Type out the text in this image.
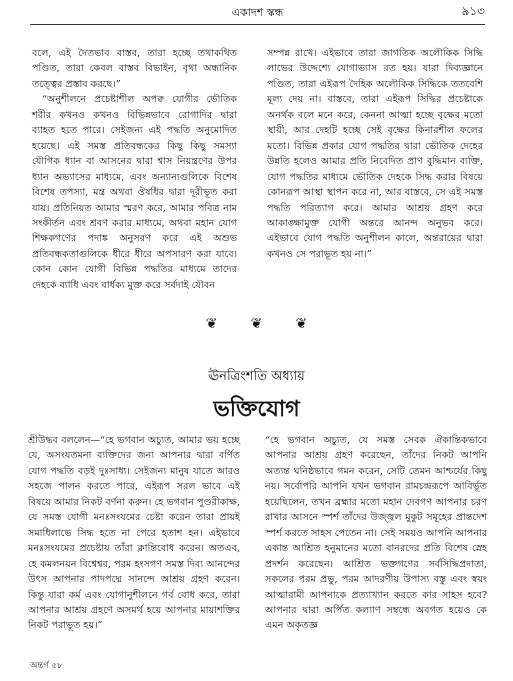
একাদশ স্কন্ধ	৯১৩

বলে, এই দৈতভাব বাস্তব, তারা হচ্ছে তথাকথিত পণ্ডিত, তারা কেবল বাস্তব বিভাইন, বৃথা অন্ধানিক তত্ত্বের প্রস্তাব করছে।”

“অনুশীলনে প্রচেষ্টাশীল অপক্ব যোগীর ভৌতিক শরীর কখনও কখনও বিভিন্নভাবে রোগাদির দ্বারা ব্যাহত হতে পারে। সেইজন্য এই পদ্ধতি অনুমোদিত হয়েছে। এই সমস্ত প্রতিবন্ধকের কিছু কিছু সমস্যা যৌগিক ধ্যান বা আসনের দ্বারা শ্বাস নিয়ন্ত্রণের উপর ধ্যান অভ্যাসের মাধ্যমে, এবং অন্যান্যগুলিকে বিশেষ বিশেষ তপস্যা, মন্ত্র অথবা ঔষধির দ্বারা দূরীভূত করা যায়। প্রতিনিয়ত আমার স্মরণ করে, আমার পবিত্র নাম সংকীর্তন এবং শ্রবণ করার মাধ্যমে, অথবা মহান যোগ শিক্ষকগণের পদাঙ্ক অনুসরণ করে এই অশুভ প্রতিবন্ধকতাগুলিকে ধীরে ধীরে অপসারণ করা যাবে। কোন কোন যোগী বিভিন্ন পদ্ধতির মাধ্যমে তাদের দেহকে ব্যাধি এবং বার্ধক্য মুক্ত করে সর্বদাই যৌবন

সম্পন্ন রাখে। এইভাবে তারা জাগতিক অলৌকিক সিদ্ধি লাভের উদ্দেশ্যে যোগাভ্যাস রত হয়। যারা দিব্যজ্ঞানে পণ্ডিত, তারা এইরূপ দৈহিক অলৌকিক সিদ্ধিকে ততবেশি মূল্য দেয় না। বাস্তবে, তারা এইরূপ সিদ্ধির প্রচেষ্টাকে অনর্থক বলে মনে করে, কেননা আত্মা হচ্ছে বৃক্ষের মতো স্থায়ী, আর দেহটি হচ্ছে সেই বৃক্ষের কিনারশীল ফলের মতো। বিভিন্ন প্রকার যোগ পদ্ধতির দ্বারা ভৌতিক দেহের উন্নতি হলেও আমার প্রতি নিবেদিত প্রাণ বুদ্ধিমান ব্যক্তি, যোগ পদ্ধতির মাধ্যমে ভৌতিক দেহকে সিদ্ধ করার বিষয়ে কোনরূপ আস্থা স্থাপন করে না, আর বাস্তবে, সে এই সমস্ত পদ্ধতি পরিত্যাগ করে। আমার আশ্রয় গ্রহণ করে আকাঙ্ক্ষামুক্ত যোগী অন্তরে আনন্দ অনুভব করে। এইভাবে যোগ পদ্ধতি অনুশীলন কালে, অন্তরায়ের দ্বারা কখনও সে পরাভূত হয় না।”

❦ ❦ ❦
ঊনত্রিংশতি অধ্যায়
ভক্তিযোগ

শ্রীউদ্ধব বললেন—“হে ভগবান অচ্যুত, আমার ভয় হচ্ছে যে, অসংযতমনা ব্যক্তিদের জন্য আপনার দ্বারা বর্ণিত যোগ পদ্ধতি বড়ই দুঃসাধ্য। সেইজন্য মানুষ যাতে আরও সহজে পালন করতে পারে, এইরূপ সরল ভাবে এই বিষয়ে আমার নিকট বর্ণনা করুন। হে ভগবান পুণ্ডরীকাক্ষ, যে সমস্ত যোগী মনঃসংযমের চেষ্টা করেন তারা প্রায়ই সমাধিলাভে সিদ্ধ হতে না পেরে হতাশ হন। এইভাবে মনঃসংযমের প্রচেষ্টায় তাঁরা ক্লান্তিবোধ করেন। অতএব, হে কমলনয়ন বিশ্বেশ্বর, পরম হংসগণ সমস্ত দিব্য আনন্দের উৎস আপনার পাদপদ্মে সানন্দে আশ্রয় গ্রহণ করেন। কিন্তু যারা কর্ম এবং যোগানুশীলনে গর্ব বোধ করে, তারা আপনার আশ্রয় গ্রহণে অসমর্থ হয়ে আপনার মায়াশক্তির নিকট পরাভূত হয়।”

“হে ভগবান অচ্যুত, যে সমস্ত সেবক ঐকান্তিকভাবে আপনার আশ্রয় গ্রহণ করেছেন, তাঁদের নিকট আপনি অত্যন্ত ঘনিষ্ঠভাবে গমন করেন, সেটি তেমন আশ্চর্যের কিছু নয়। সর্বোপরি আপনি যখন ভগবান রামচন্দ্ররূপে আবির্ভূত হয়েছিলেন, তখন ব্রহ্মার মতো মহান দেবগণ আপনার চরণ রাখার আসনে স্পর্শ তাঁদের উজ্জ্বল মুকুট সমূহের প্রান্তদেশ স্পর্শ করতে সাহস পেতেন না। সেই সময়ও আপনি আপনার একান্ত আশ্রিত হনুমানের মতো বানরদের প্রতি বিশেষ স্নেহ প্রদর্শন করেছেন। আশ্রিত ভক্তগণের সর্বসিদ্ধিপ্রদাতা, সকলের পরম প্রভু, পরম আদরণীয় উপাস্য বস্তু এবং স্বয়ং আত্মারামী আপনাকে প্রত্যাখ্যান করতে কার সাহস হবে? আপনার দ্বারা অর্পিত কল্যাণ সম্বন্ধে অবগত হয়েও কে এমন অকৃতজ্ঞ

অন্তর্গ ৫৮
